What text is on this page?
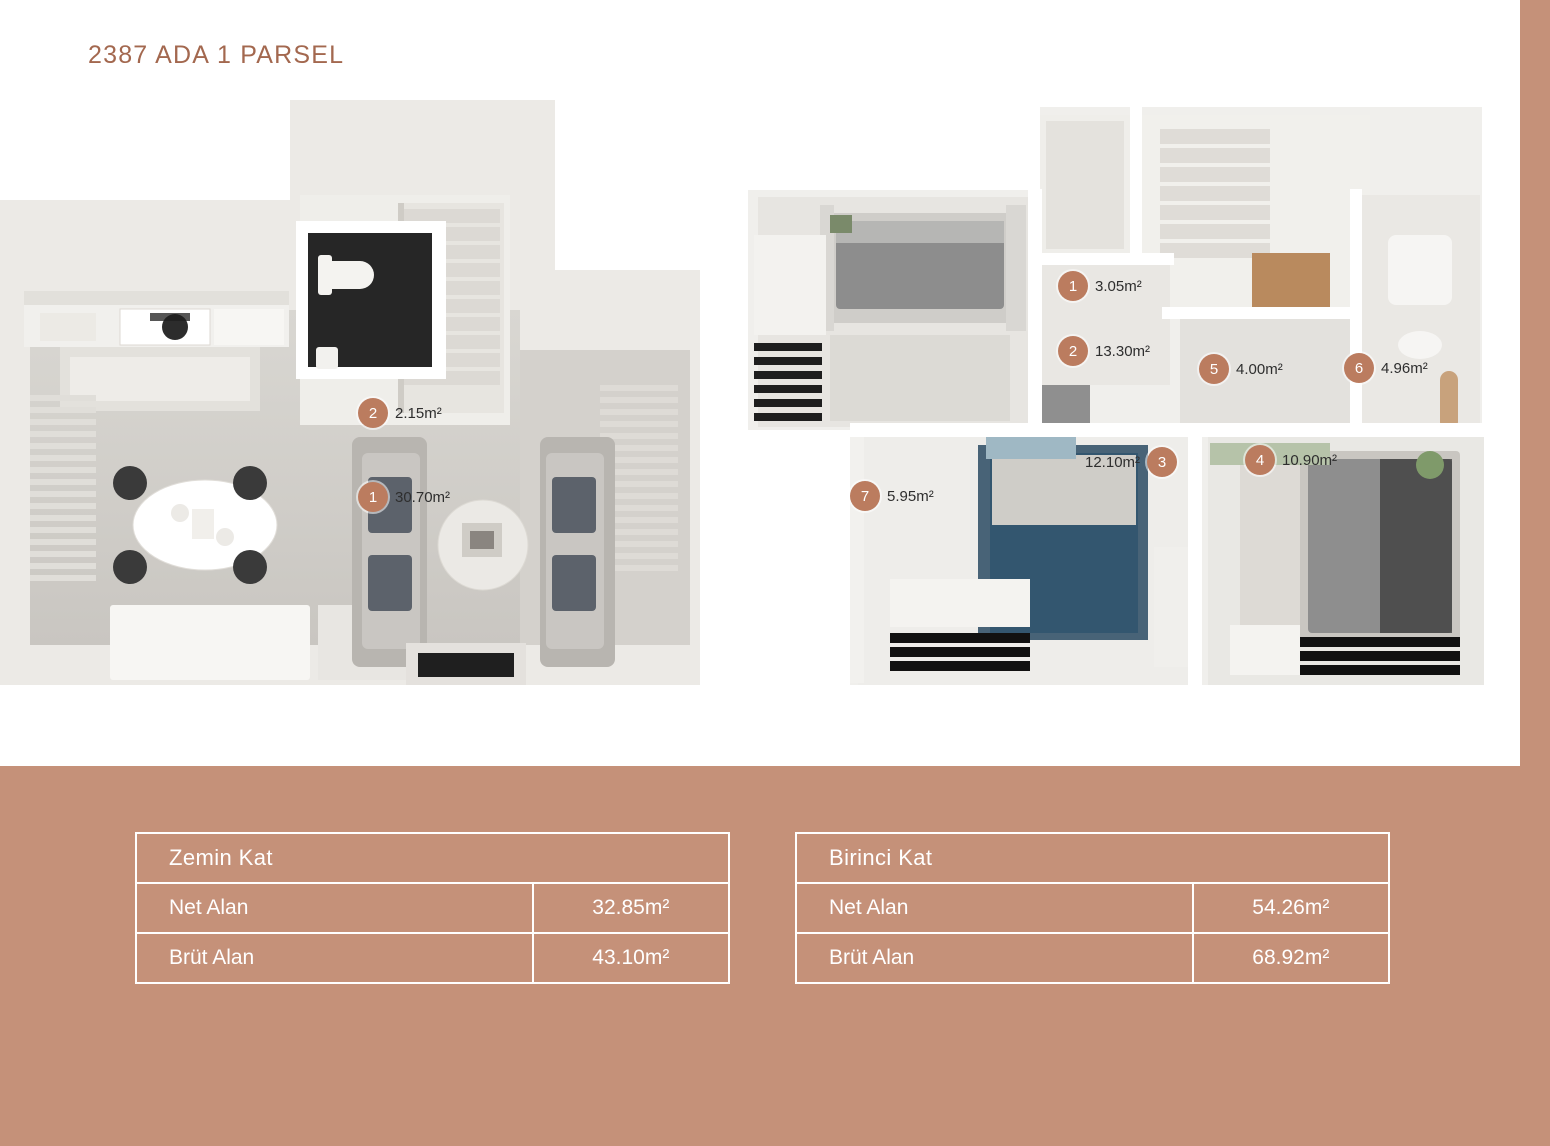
2387 ADA 1 PARSEL
2	2.15m²
1	30.70m²
1	3.05m²
2	13.30m²
3
12.10m²	4	10.90m²
5	4.00m²	6	4.96m²
7	5.95m²
Zemin Kat	
Net Alan	32.85m²
Brüt Alan	43.10m²
Birinci Kat	
Net Alan	54.26m²
Brüt Alan	68.92m²
